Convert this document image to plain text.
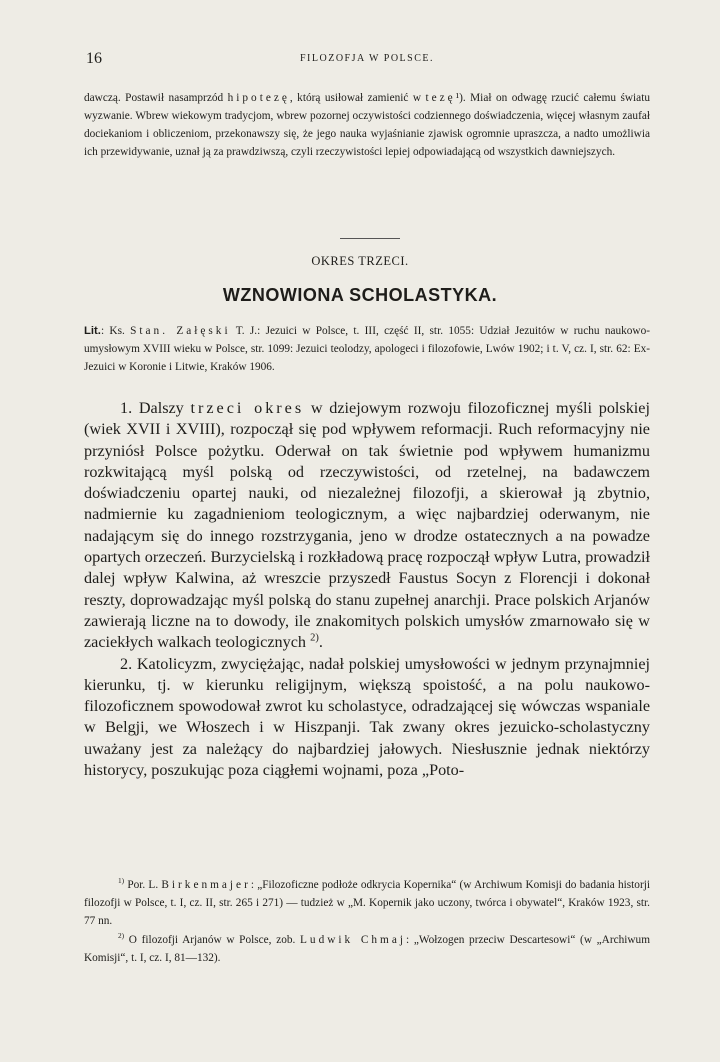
16	FILOZOFJA W POLSCE.
dawczą. Postawił nasamprzód hipotezę, którą usiłował zamienić w tezę¹). Miał on odwagę rzucić całemu światu wyzwanie. Wbrew wiekowym tradycjom, wbrew pozornej oczywistości codziennego doświadczenia, więcej własnym zaufał dociekaniom i obliczeniom, przekonawszy się, że jego nauka wyjaśnianie zjawisk ogromnie upraszcza, a nadto umożliwia ich przewidywanie, uznał ją za prawdziwszą, czyli rzeczywistości lepiej odpowiadającą od wszystkich dawniejszych.
OKRES TRZECI.
WZNOWIONA SCHOLASTYKA.
Lit.: Ks. Stan. Załęski T. J.: Jezuici w Polsce, t. III, część II, str. 1055: Udział Jezuitów w ruchu naukowo-umysłowym XVIII wieku w Polsce, str. 1099: Jezuici teolodzy, apologeci i filozofowie, Lwów 1902; i t. V, cz. I, str. 62: Ex-Jezuici w Koronie i Litwie, Kraków 1906.

1. Dalszy trzeci okres w dziejowym rozwoju filozoficznej myśli polskiej (wiek XVII i XVIII), rozpoczął się pod wpływem reformacji. Ruch reformacyjny nie przyniósł Polsce pożytku. Oderwał on tak świetnie pod wpływem humanizmu rozkwitającą myśl polską od rzeczywistości, od rzetelnej, na badawczem doświadczeniu opartej nauki, od niezależnej filozofji, a skierował ją zbytnio, nadmiernie ku zagadnieniom teologicznym, a więc najbardziej oderwanym, nie nadającym się do innego rozstrzygania, jeno w drodze ostatecznych a na powadze opartych orzeczeń. Burzycielską i rozkładową pracę rozpoczął wpływ Lutra, prowadził dalej wpływ Kalwina, aż wreszcie przyszedł Faustus Socyn z Florencji i dokonał reszty, doprowadzając myśl polską do stanu zupełnej anarchji. Prace polskich Arjanów zawierają liczne na to dowody, ile znakomitych polskich umysłów zmarnowało się w zaciekłych walkach teologicznych $^{2)}$.

2. Katolicyzm, zwyciężając, nadał polskiej umysłowości w jednym przynajmniej kierunku, tj. w kierunku religijnym, większą spoistość, a na polu naukowo-filozoficznem spowodował zwrot ku scholastyce, odradzającej się wówczas wspaniale w Belgji, we Włoszech i w Hiszpanji. Tak zwany okres jezuicko-scholastyczny uważany jest za należący do najbardziej jałowych. Niesłusznie jednak niektórzy historycy, poszukując poza ciągłemi wojnami, poza „Poto-

$^{1)}$ Por. L. Birkenmajer: „Filozoficzne podłoże odkrycia Kopernika“ (w Archiwum Komisji do badania historji filozofji w Polsce, t. I, cz. II, str. 265 i 271) — tudzież w „M. Kopernik jako uczony, twórca i obywatel“, Kraków 1923, str. 77 nn.

$^{2)}$ O filozofji Arjanów w Polsce, zob. Ludwik Chmaj: „Wołzogen przeciw Descartesowi“ (w „Archiwum Komisji“, t. I, cz. I, 81—132).
